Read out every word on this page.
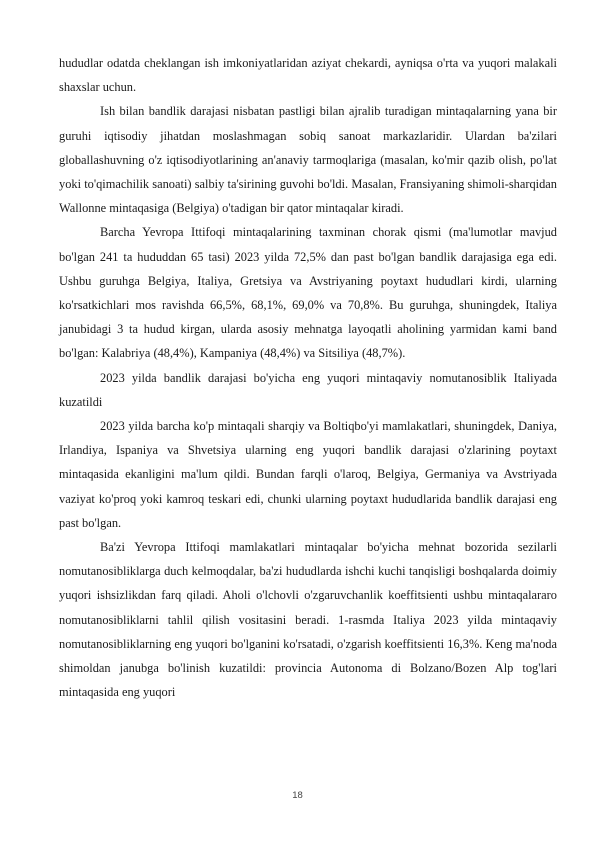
hududlar odatda cheklangan ish imkoniyatlaridan aziyat chekardi, ayniqsa o'rta va yuqori malakali shaxslar uchun.

Ish bilan bandlik darajasi nisbatan pastligi bilan ajralib turadigan mintaqalarning yana bir guruhi iqtisodiy jihatdan moslashmagan sobiq sanoat markazlaridir. Ulardan ba'zilari globallashuvning o'z iqtisodiyotlarining an'anaviy tarmoqlariga (masalan, ko'mir qazib olish, po'lat yoki to'qimachilik sanoati) salbiy ta'sirining guvohi bo'ldi. Masalan, Fransiyaning shimoli-sharqidan Wallonne mintaqasiga (Belgiya) o'tadigan bir qator mintaqalar kiradi.

Barcha Yevropa Ittifoqi mintaqalarining taxminan chorak qismi (ma'lumotlar mavjud bo'lgan 241 ta hududdan 65 tasi) 2023 yilda 72,5% dan past bo'lgan bandlik darajasiga ega edi. Ushbu guruhga Belgiya, Italiya, Gretsiya va Avstriyaning poytaxt hududlari kirdi, ularning ko'rsatkichlari mos ravishda 66,5%, 68,1%, 69,0% va 70,8%. Bu guruhga, shuningdek, Italiya janubidagi 3 ta hudud kirgan, ularda asosiy mehnatga layoqatli aholining yarmidan kami band bo'lgan: Kalabriya (48,4%), Kampaniya (48,4%) va Sitsiliya (48,7%).

2023 yilda bandlik darajasi bo'yicha eng yuqori mintaqaviy nomutanosiblik Italiyada kuzatildi

2023 yilda barcha ko'p mintaqali sharqiy va Boltiqbo'yi mamlakatlari, shuningdek, Daniya, Irlandiya, Ispaniya va Shvetsiya ularning eng yuqori bandlik darajasi o'zlarining poytaxt mintaqasida ekanligini ma'lum qildi. Bundan farqli o'laroq, Belgiya, Germaniya va Avstriyada vaziyat ko'proq yoki kamroq teskari edi, chunki ularning poytaxt hududlarida bandlik darajasi eng past bo'lgan.

Ba'zi Yevropa Ittifoqi mamlakatlari mintaqalar bo'yicha mehnat bozorida sezilarli nomutanosibliklarga duch kelmoqdalar, ba'zi hududlarda ishchi kuchi tanqisligi boshqalarda doimiy yuqori ishsizlikdan farq qiladi. Aholi o'lchovli o'zgaruvchanlik koeffitsienti ushbu mintaqalararo nomutanosibliklarni tahlil qilish vositasini beradi. 1-rasmda Italiya 2023 yilda mintaqaviy nomutanosibliklarning eng yuqori bo'lganini ko'rsatadi, o'zgarish koeffitsienti 16,3%. Keng ma'noda shimoldan janubga bo'linish kuzatildi: provincia Autonoma di Bolzano/Bozen Alp tog'lari mintaqasida eng yuqori

18
